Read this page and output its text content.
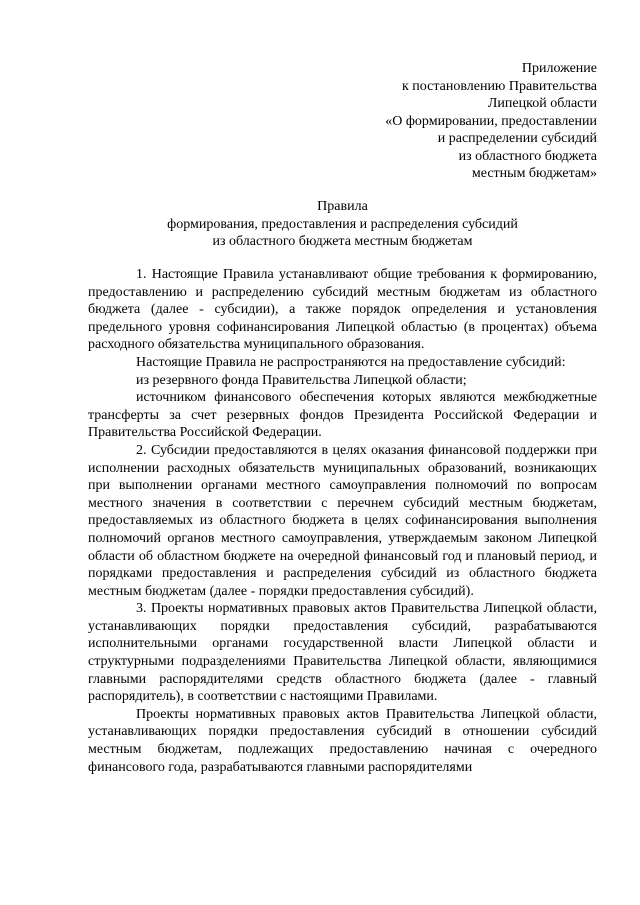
Приложение
к постановлению Правительства
Липецкой области
«О формировании, предоставлении
и распределении субсидий
из областного бюджета
местным бюджетам»
Правила
формирования, предоставления и распределения субсидий
из областного бюджета местным бюджетам

1. Настоящие Правила устанавливают общие требования к формированию, предоставлению и распределению субсидий местным бюджетам из областного бюджета (далее - субсидии), а также порядок определения и установления предельного уровня софинансирования Липецкой областью (в процентах) объема расходного обязательства муниципального образования.

Настоящие Правила не распространяются на предоставление субсидий:

из резервного фонда Правительства Липецкой области;

источником финансового обеспечения которых являются межбюджетные трансферты за счет резервных фондов Президента Российской Федерации и Правительства Российской Федерации.

2. Субсидии предоставляются в целях оказания финансовой поддержки при исполнении расходных обязательств муниципальных образований, возникающих при выполнении органами местного самоуправления полномочий по вопросам местного значения в соответствии с перечнем субсидий местным бюджетам, предоставляемых из областного бюджета в целях софинансирования выполнения полномочий органов местного самоуправления, утверждаемым законом Липецкой области об областном бюджете на очередной финансовый год и плановый период, и порядками предоставления и распределения субсидий из областного бюджета местным бюджетам (далее - порядки предоставления субсидий).

3. Проекты нормативных правовых актов Правительства Липецкой области, устанавливающих порядки предоставления субсидий, разрабатываются исполнительными органами государственной власти Липецкой области и структурными подразделениями Правительства Липецкой области, являющимися главными распорядителями средств областного бюджета (далее - главный распорядитель), в соответствии с настоящими Правилами.

Проекты нормативных правовых актов Правительства Липецкой области, устанавливающих порядки предоставления субсидий в отношении субсидий местным бюджетам, подлежащих предоставлению начиная с очередного финансового года, разрабатываются главными распорядителями
